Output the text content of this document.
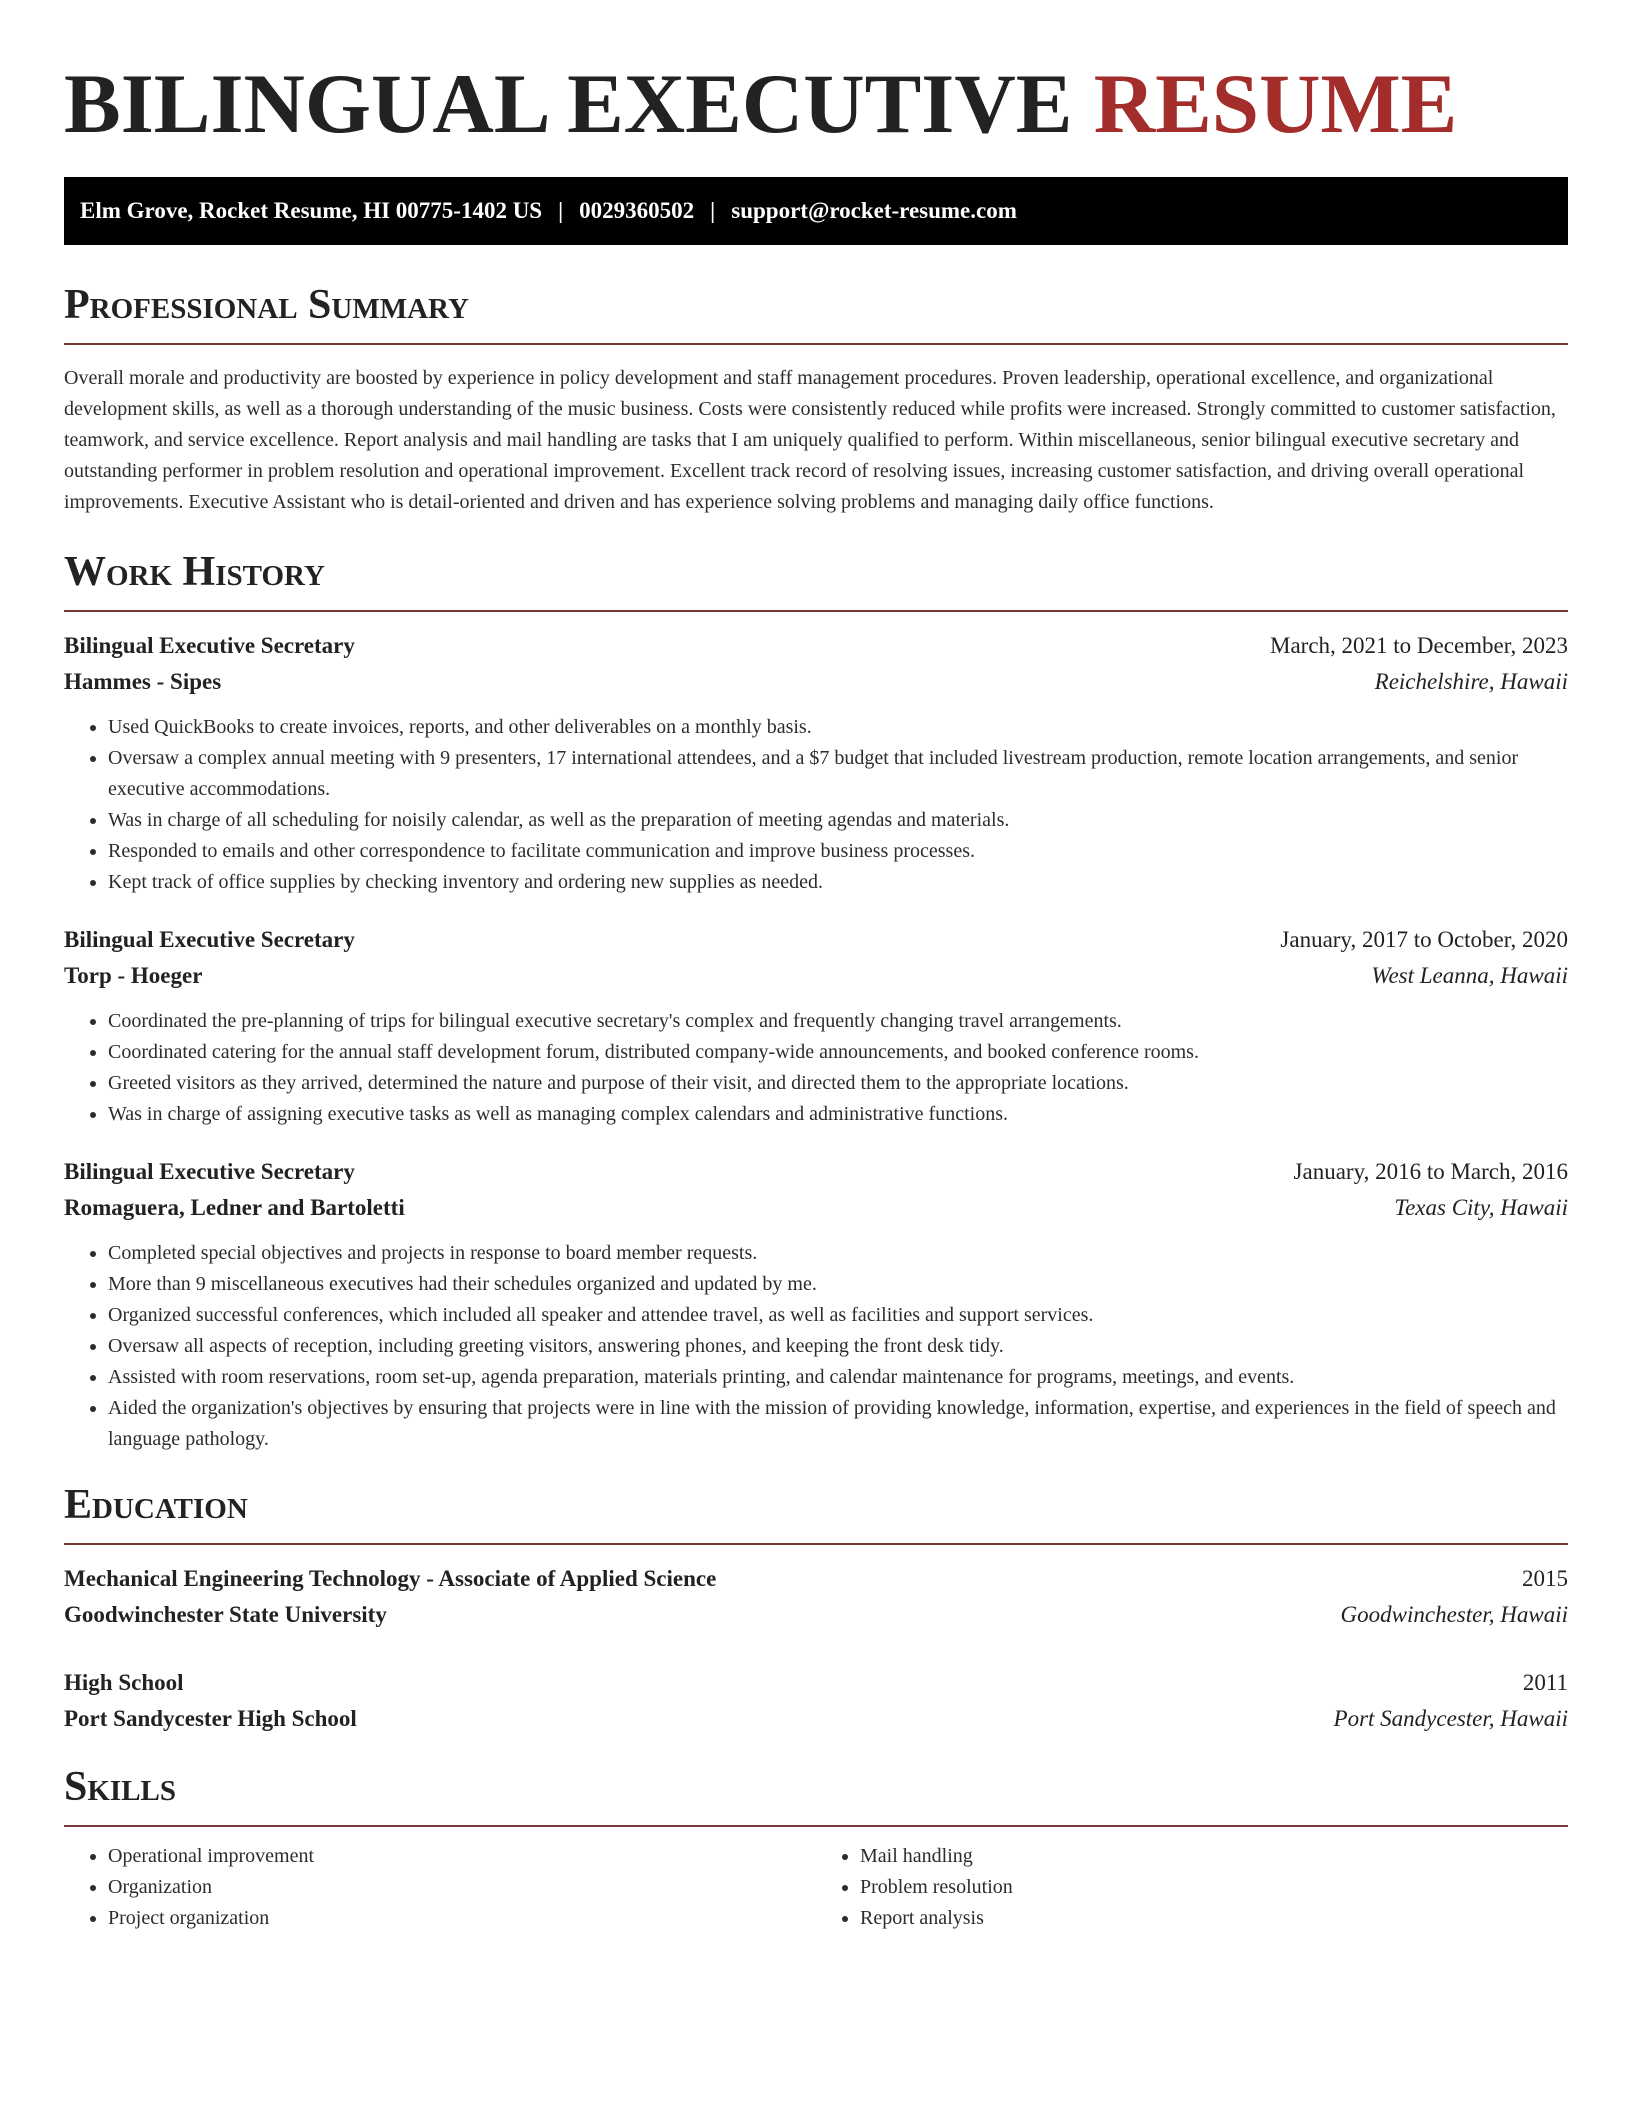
BILINGUAL EXECUTIVE RESUME
Elm Grove, Rocket Resume, HI 00775-1402 US | 0029360502 | support@rocket-resume.com
Professional Summary

Overall morale and productivity are boosted by experience in policy development and staff management procedures. Proven leadership, operational excellence, and organizational development skills, as well as a thorough understanding of the music business. Costs were consistently reduced while profits were increased. Strongly committed to customer satisfaction, teamwork, and service excellence. Report analysis and mail handling are tasks that I am uniquely qualified to perform. Within miscellaneous, senior bilingual executive secretary and outstanding performer in problem resolution and operational improvement. Excellent track record of resolving issues, increasing customer satisfaction, and driving overall operational improvements. Executive Assistant who is detail-oriented and driven and has experience solving problems and managing daily office functions.

Work History
Bilingual Executive Secretary	March, 2021 to December, 2023
Hammes - Sipes	Reichelshire, Hawaii
• Used QuickBooks to create invoices, reports, and other deliverables on a monthly basis.
• Oversaw a complex annual meeting with 9 presenters, 17 international attendees, and a $7 budget that included livestream production, remote location arrangements, and senior executive accommodations.
• Was in charge of all scheduling for noisily calendar, as well as the preparation of meeting agendas and materials.
• Responded to emails and other correspondence to facilitate communication and improve business processes.
• Kept track of office supplies by checking inventory and ordering new supplies as needed.
Bilingual Executive Secretary	January, 2017 to October, 2020
Torp - Hoeger	West Leanna, Hawaii
• Coordinated the pre-planning of trips for bilingual executive secretary's complex and frequently changing travel arrangements.
• Coordinated catering for the annual staff development forum, distributed company-wide announcements, and booked conference rooms.
• Greeted visitors as they arrived, determined the nature and purpose of their visit, and directed them to the appropriate locations.
• Was in charge of assigning executive tasks as well as managing complex calendars and administrative functions.
Bilingual Executive Secretary	January, 2016 to March, 2016
Romaguera, Ledner and Bartoletti	Texas City, Hawaii
• Completed special objectives and projects in response to board member requests.
• More than 9 miscellaneous executives had their schedules organized and updated by me.
• Organized successful conferences, which included all speaker and attendee travel, as well as facilities and support services.
• Oversaw all aspects of reception, including greeting visitors, answering phones, and keeping the front desk tidy.
• Assisted with room reservations, room set-up, agenda preparation, materials printing, and calendar maintenance for programs, meetings, and events.
• Aided the organization's objectives by ensuring that projects were in line with the mission of providing knowledge, information, expertise, and experiences in the field of speech and language pathology.
Education
Mechanical Engineering Technology - Associate of Applied Science	2015
Goodwinchester State University	Goodwinchester, Hawaii
High School	2011
Port Sandycester High School	Port Sandycester, Hawaii
Skills
• Operational improvement
• Organization
• Project organization
• Mail handling
• Problem resolution
• Report analysis
